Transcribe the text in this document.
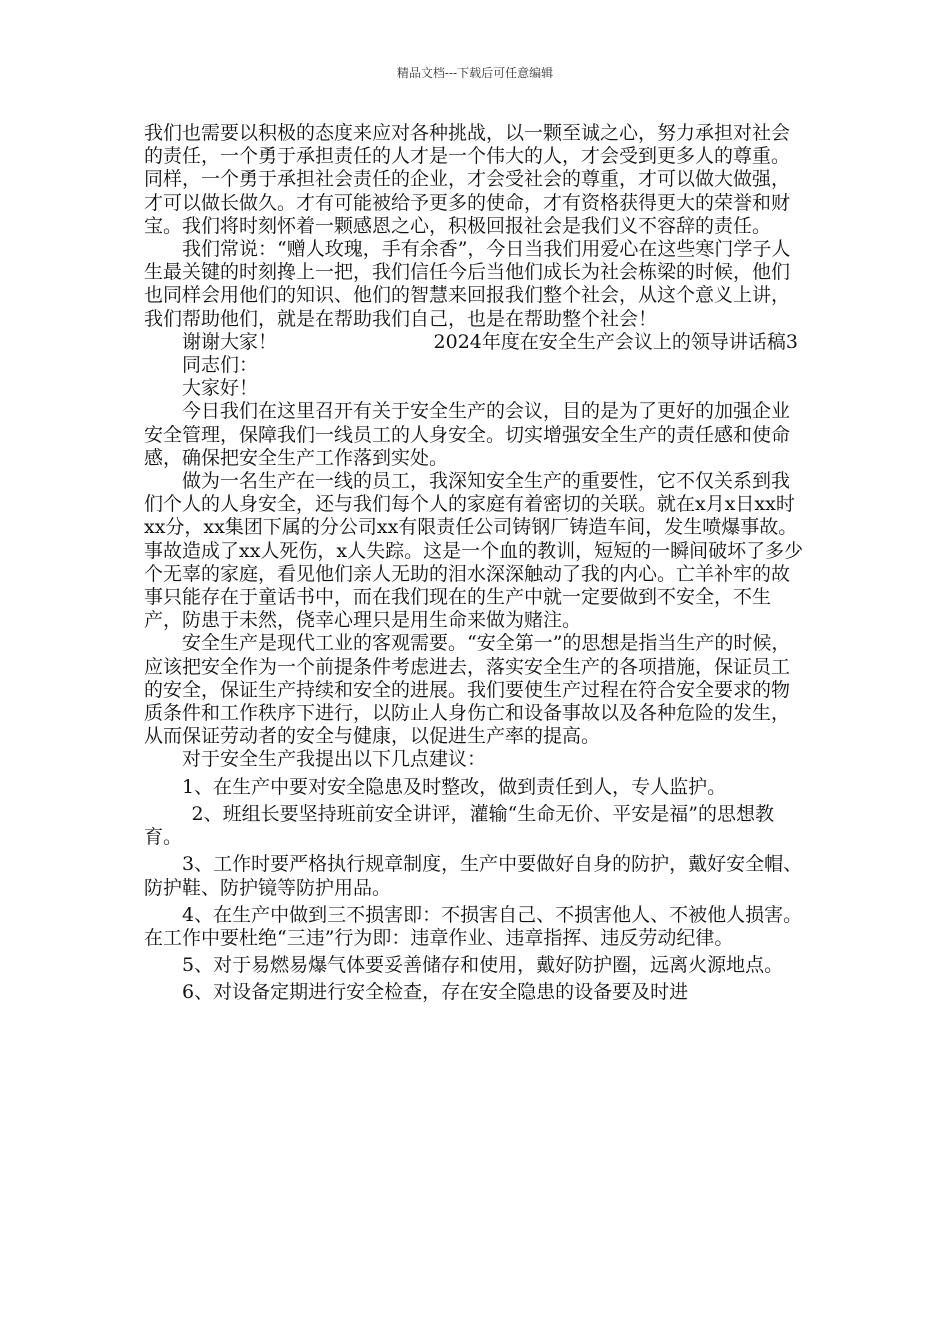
精品文档---下载后可任意编辑

我们也需要以积极的态度来应对各种挑战，以一颗至诚之心，努力承担对社会的责任，一个勇于承担责任的人才是一个伟大的人，才会受到更多人的尊重。同样，一个勇于承担社会责任的企业，才会受社会的尊重，才可以做大做强，才可以做长做久。才有可能被给予更多的使命，才有资格获得更大的荣誉和财宝。我们将时刻怀着一颗感恩之心，积极回报社会是我们义不容辞的责任。

我们常说：“赠人玫瑰，手有余香”，今日当我们用爱心在这些寒门学子人生最关键的时刻搀上一把，我们信任今后当他们成长为社会栋梁的时候，他们也同样会用他们的知识、他们的智慧来回报我们整个社会，从这个意义上讲，我们帮助他们，就是在帮助我们自己，也是在帮助整个社会！

谢谢大家！	2024年度在安全生产会议上的领导讲话稿3

同志们：

大家好！

今日我们在这里召开有关于安全生产的会议，目的是为了更好的加强企业安全管理，保障我们一线员工的人身安全。切实增强安全生产的责任感和使命感，确保把安全生产工作落到实处。

做为一名生产在一线的员工，我深知安全生产的重要性，它不仅关系到我们个人的人身安全，还与我们每个人的家庭有着密切的关联。就在x月x日xx时xx分，xx集团下属的分公司xx有限责任公司铸钢厂铸造车间，发生喷爆事故。事故造成了xx人死伤，x人失踪。这是一个血的教训，短短的一瞬间破坏了多少个无辜的家庭，看见他们亲人无助的泪水深深触动了我的内心。亡羊补牢的故事只能存在于童话书中，而在我们现在的生产中就一定要做到不安全，不生产，防患于未然，侥幸心理只是用生命来做为赌注。

安全生产是现代工业的客观需要。“安全第一”的思想是指当生产的时候，应该把安全作为一个前提条件考虑进去，落实安全生产的各项措施，保证员工的安全，保证生产持续和安全的进展。我们要使生产过程在符合安全要求的物质条件和工作秩序下进行，以防止人身伤亡和设备事故以及各种危险的发生，从而保证劳动者的安全与健康，以促进生产率的提高。

对于安全生产我提出以下几点建议：

1、在生产中要对安全隐患及时整改，做到责任到人，专人监护。

2、班组长要坚持班前安全讲评，灌输“生命无价、平安是福”的思想教育。

3、工作时要严格执行规章制度，生产中要做好自身的防护，戴好安全帽、防护鞋、防护镜等防护用品。

4、在生产中做到三不损害即：不损害自己、不损害他人、不被他人损害。在工作中要杜绝“三违”行为即：违章作业、违章指挥、违反劳动纪律。

5、对于易燃易爆气体要妥善储存和使用，戴好防护圈，远离火源地点。

6、对设备定期进行安全检查，存在安全隐患的设备要及时进
